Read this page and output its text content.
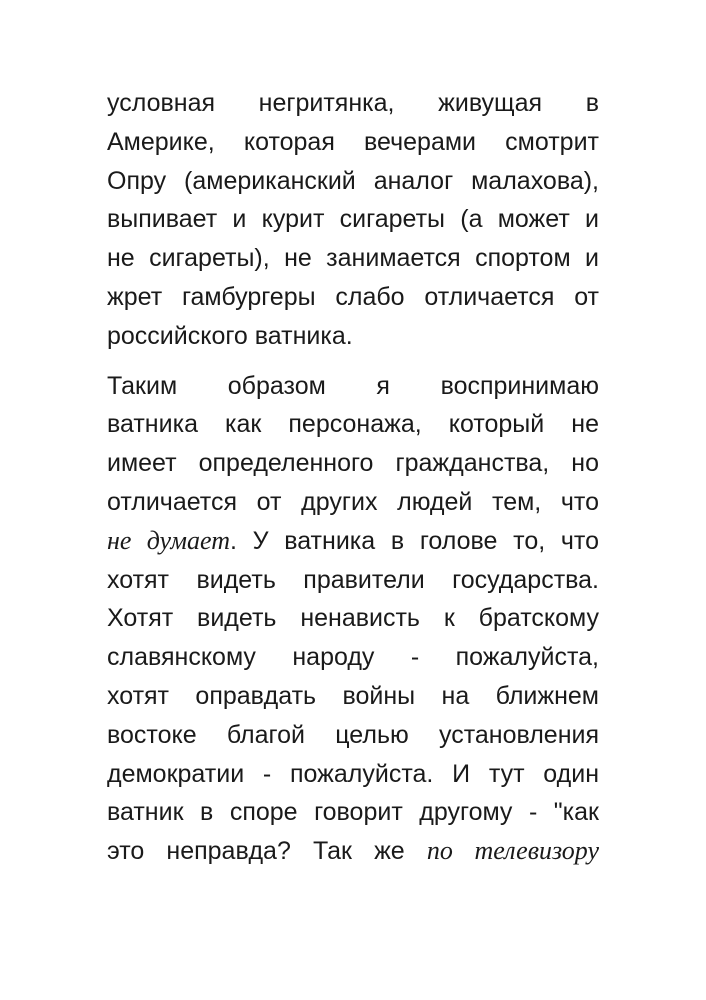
условная негритянка, живущая в
Америке, которая вечерами смотрит
Опру (американский аналог малахова),
выпивает и курит сигареты (а может и
не сигареты), не занимается спортом и
жрет гамбургеры слабо отличается от
российского ватника.

Таким образом я воспринимаю
ватника как персонажа, который не
имеет определенного гражданства, но
отличается от других людей тем, что
не думает. У ватника в голове то, что
хотят видеть правители государства.
Хотят видеть ненависть к братскому
славянскому народу - пожалуйста,
хотят оправдать войны на ближнем
востоке благой целью установления
демократии - пожалуйста. И тут один
ватник в споре говорит другому - "как
это неправда? Так же по телевизору
